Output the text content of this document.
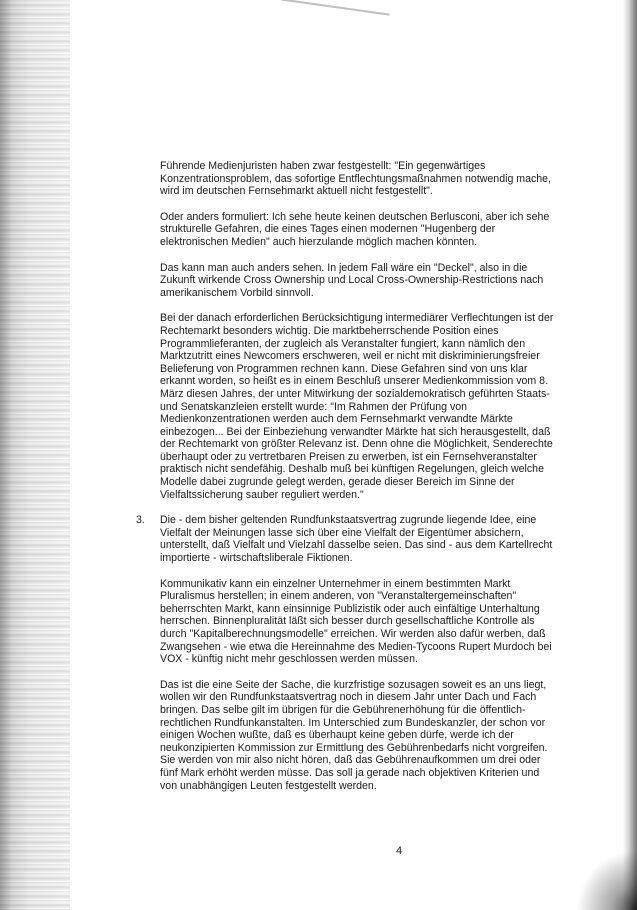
Führende Medienjuristen haben zwar festgestellt: "Ein gegenwärtiges Konzentrationsproblem, das sofortige Entflechtungsmaßnahmen notwendig mache, wird im deutschen Fernsehmarkt aktuell nicht festgestellt".

Oder anders formuliert: Ich sehe heute keinen deutschen Berlusconi, aber ich sehe strukturelle Gefahren, die eines Tages einen modernen "Hugenberg der elektronischen Medien" auch hierzulande möglich machen könnten.

Das kann man auch anders sehen. In jedem Fall wäre ein "Deckel", also in die Zukunft wirkende Cross Ownership und Local Cross-Ownership-Restrictions nach amerikanischem Vorbild sinnvoll.

Bei der danach erforderlichen Berücksichtigung intermediärer Verflechtungen ist der Rechtemarkt besonders wichtig. Die marktbeherrschende Position eines Programmlieferanten, der zugleich als Veranstalter fungiert, kann nämlich den Marktzutritt eines Newcomers erschweren, weil er nicht mit diskriminierungsfreier Belieferung von Programmen rechnen kann. Diese Gefahren sind von uns klar erkannt worden, so heißt es in einem Beschluß unserer Medienkommission vom 8. März diesen Jahres, der unter Mitwirkung der sozialdemokratisch geführten Staats- und Senatskanzleien erstellt wurde: "Im Rahmen der Prüfung von Medienkonzentrationen werden auch dem Fernsehmarkt verwandte Märkte einbezogen... Bei der Einbeziehung verwandter Märkte hat sich herausgestellt, daß der Rechtemarkt von größter Relevanz ist. Denn ohne die Möglichkeit, Senderechte überhaupt oder zu vertretbaren Preisen zu erwerben, ist ein Fernsehveranstalter praktisch nicht sendefähig. Deshalb muß bei künftigen Regelungen, gleich welche Modelle dabei zugrunde gelegt werden, gerade dieser Bereich im Sinne der Vielfaltssicherung sauber reguliert werden."

3. Die - dem bisher geltenden Rundfunkstaatsvertrag zugrunde liegende Idee, eine Vielfalt der Meinungen lasse sich über eine Vielfalt der Eigentümer absichern, unterstellt, daß Vielfalt und Vielzahl dasselbe seien. Das sind - aus dem Kartellrecht importierte - wirtschaftsliberale Fiktionen.

Kommunikativ kann ein einzelner Unternehmer in einem bestimmten Markt Pluralismus herstellen; in einem anderen, von "Veranstaltergemeinschaften" beherrschten Markt, kann einsinnige Publizistik oder auch einfältige Unterhaltung herrschen. Binnenpluralität läßt sich besser durch gesellschaftliche Kontrolle als durch "Kapitalberechnungsmodelle" erreichen. Wir werden also dafür werben, daß Zwangsehen - wie etwa die Hereinnahme des Medien-Tycoons Rupert Murdoch bei VOX - künftig nicht mehr geschlossen werden müssen.

Das ist die eine Seite der Sache, die kurzfristige sozusagen soweit es an uns liegt, wollen wir den Rundfunkstaatsvertrag noch in diesem Jahr unter Dach und Fach bringen. Das selbe gilt im übrigen für die Gebührenerhöhung für die öffentlich-rechtlichen Rundfunkanstalten. Im Unterschied zum Bundeskanzler, der schon vor einigen Wochen wußte, daß es überhaupt keine geben dürfe, werde ich der neukonzipierten Kommission zur Ermittlung des Gebührenbedarfs nicht vorgreifen. Sie werden von mir also nicht hören, daß das Gebührenaufkommen um drei oder fünf Mark erhöht werden müsse. Das soll ja gerade nach objektiven Kriterien und von unabhängigen Leuten festgestellt werden.

4
